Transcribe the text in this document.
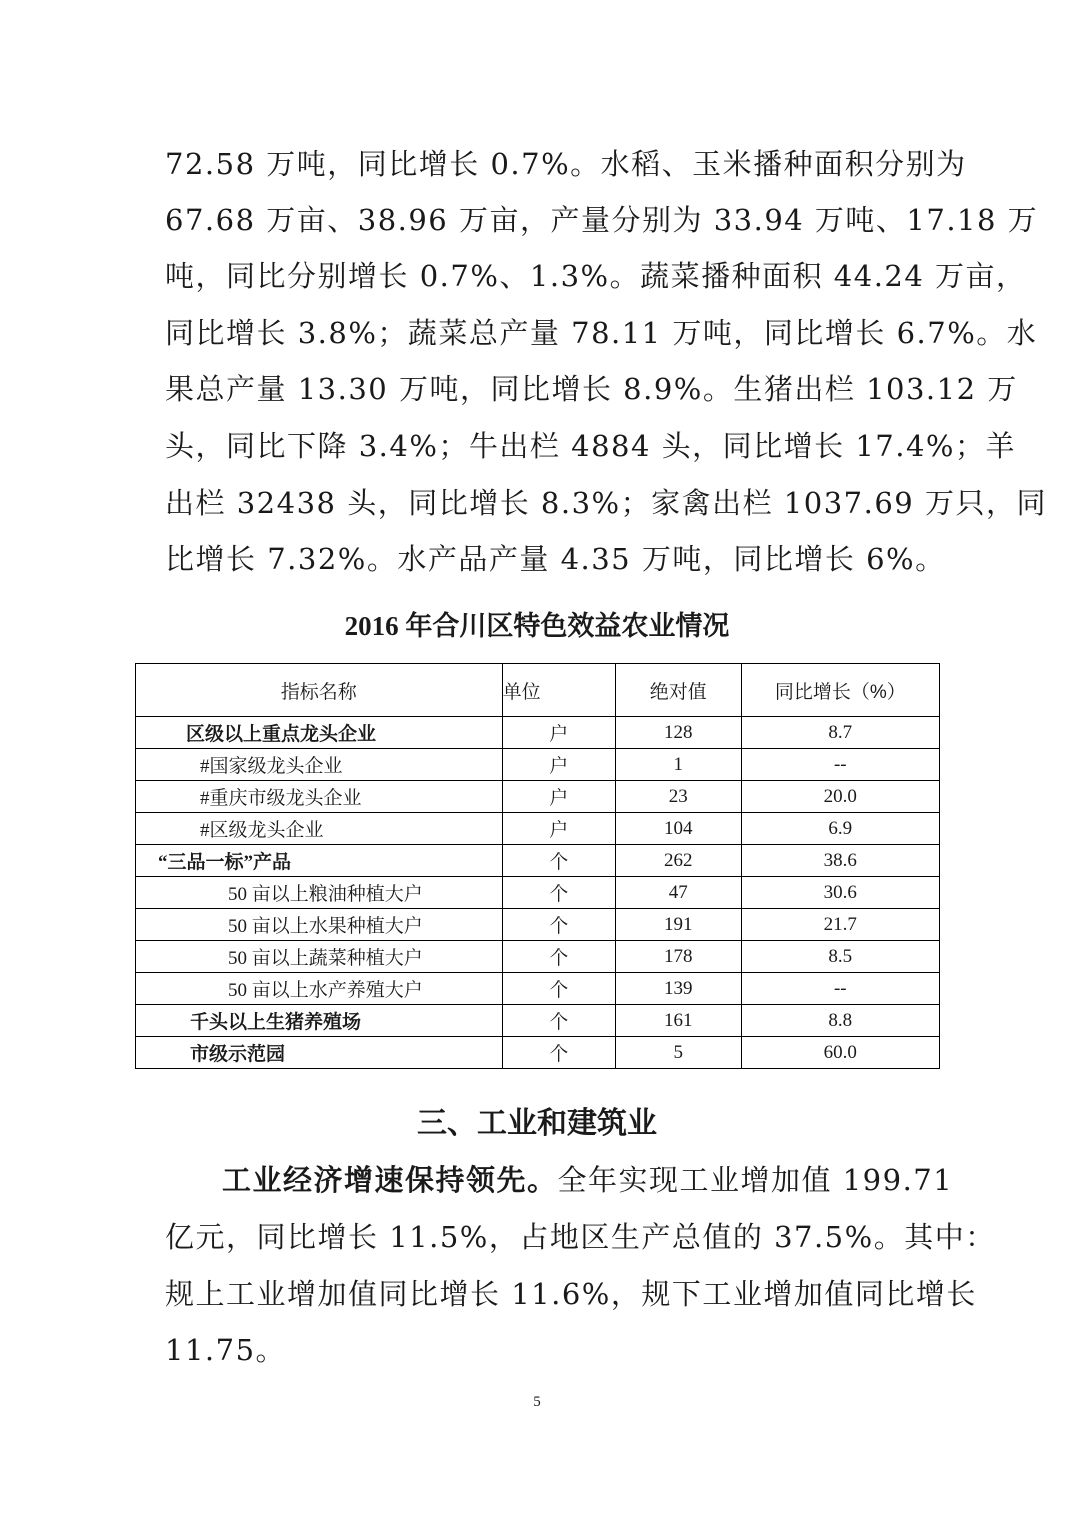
72.58 万吨，同比增长 0.7%。水稻、玉米播种面积分别为
67.68 万亩、38.96 万亩，产量分别为 33.94 万吨、17.18 万
吨，同比分别增长 0.7%、1.3%。蔬菜播种面积 44.24 万亩，
同比增长 3.8%；蔬菜总产量 78.11 万吨，同比增长 6.7%。水
果总产量 13.30 万吨，同比增长 8.9%。生猪出栏 103.12 万
头，同比下降 3.4%；牛出栏 4884 头，同比增长 17.4%；羊
出栏 32438 头，同比增长 8.3%；家禽出栏 1037.69 万只，同
比增长 7.32%。水产品产量 4.35 万吨，同比增长 6%。
2016 年合川区特色效益农业情况
指标名称	单位	绝对值	同比增长（%）
区级以上重点龙头企业	户	128	8.7
#国家级龙头企业	户	1	--
#重庆市级龙头企业	户	23	20.0
#区级龙头企业	户	104	6.9
“三品一标”产品	个	262	38.6
50 亩以上粮油种植大户	个	47	30.6
50 亩以上水果种植大户	个	191	21.7
50 亩以上蔬菜种植大户	个	178	8.5
50 亩以上水产养殖大户	个	139	--
千头以上生猪养殖场	个	161	8.8
市级示范园	个	5	60.0
三、工业和建筑业
工业经济增速保持领先。全年实现工业增加值 199.71
亿元，同比增长 11.5%，占地区生产总值的 37.5%。其中：
规上工业增加值同比增长 11.6%，规下工业增加值同比增长
11.75。
5
